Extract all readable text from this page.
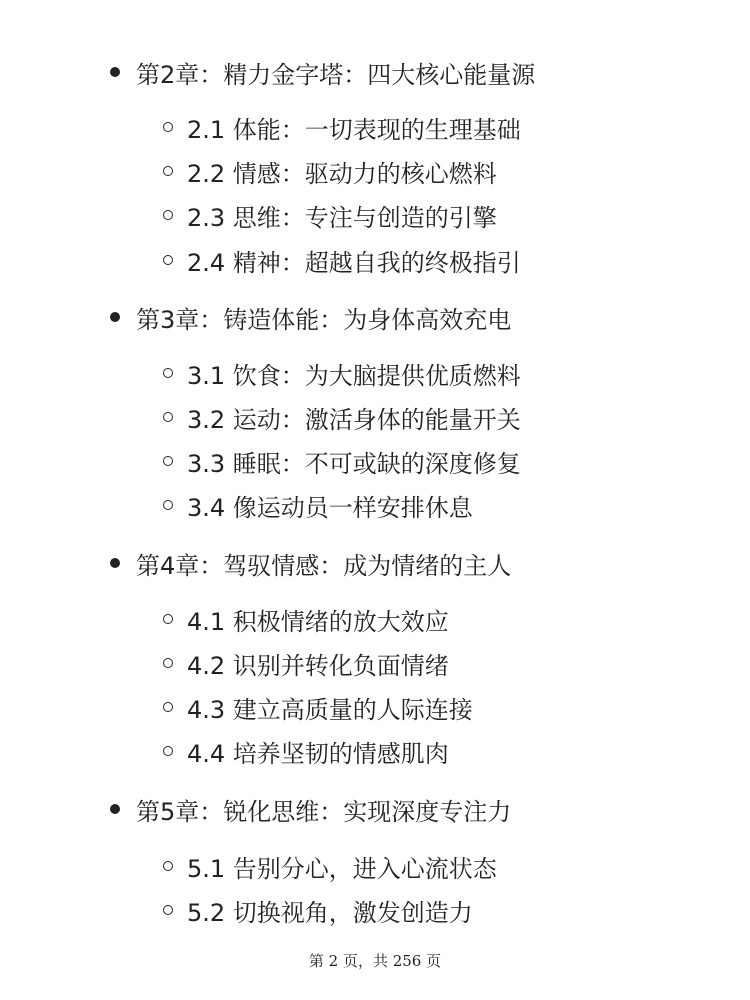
第2章：精力金字塔：四大核心能量源
2.1 体能：一切表现的生理基础
2.2 情感：驱动力的核心燃料
2.3 思维：专注与创造的引擎
2.4 精神：超越自我的终极指引
第3章：铸造体能：为身体高效充电
3.1 饮食：为大脑提供优质燃料
3.2 运动：激活身体的能量开关
3.3 睡眠：不可或缺的深度修复
3.4 像运动员一样安排休息
第4章：驾驭情感：成为情绪的主人
4.1 积极情绪的放大效应
4.2 识别并转化负面情绪
4.3 建立高质量的人际连接
4.4 培养坚韧的情感肌肉
第5章：锐化思维：实现深度专注力
5.1 告别分心，进入心流状态
5.2 切换视角，激发创造力
第 2 页，共 256 页
